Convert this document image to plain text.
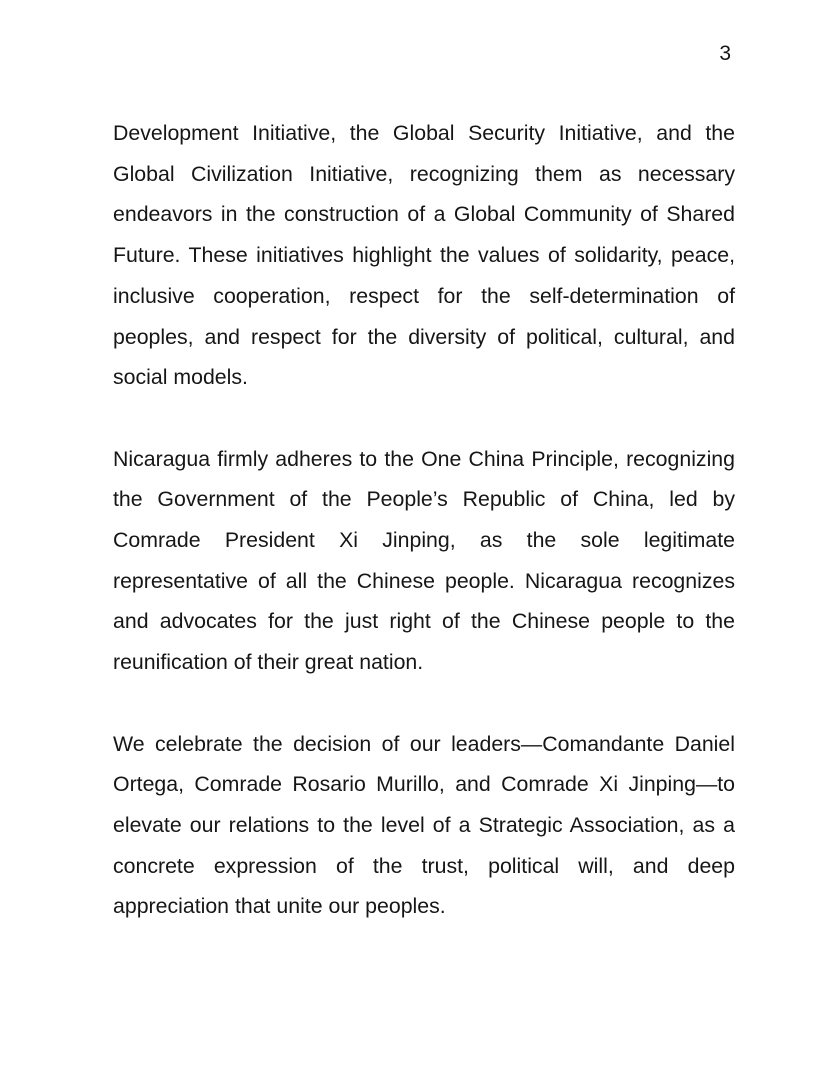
3

Development Initiative, the Global Security Initiative, and the Global Civilization Initiative, recognizing them as necessary endeavors in the construction of a Global Community of Shared Future. These initiatives highlight the values of solidarity, peace, inclusive cooperation, respect for the self-determination of peoples, and respect for the diversity of political, cultural, and social models.

Nicaragua firmly adheres to the One China Principle, recognizing the Government of the People’s Republic of China, led by Comrade President Xi Jinping, as the sole legitimate representative of all the Chinese people. Nicaragua recognizes and advocates for the just right of the Chinese people to the reunification of their great nation.

We celebrate the decision of our leaders—Comandante Daniel Ortega, Comrade Rosario Murillo, and Comrade Xi Jinping—to elevate our relations to the level of a Strategic Association, as a concrete expression of the trust, political will, and deep appreciation that unite our peoples.
